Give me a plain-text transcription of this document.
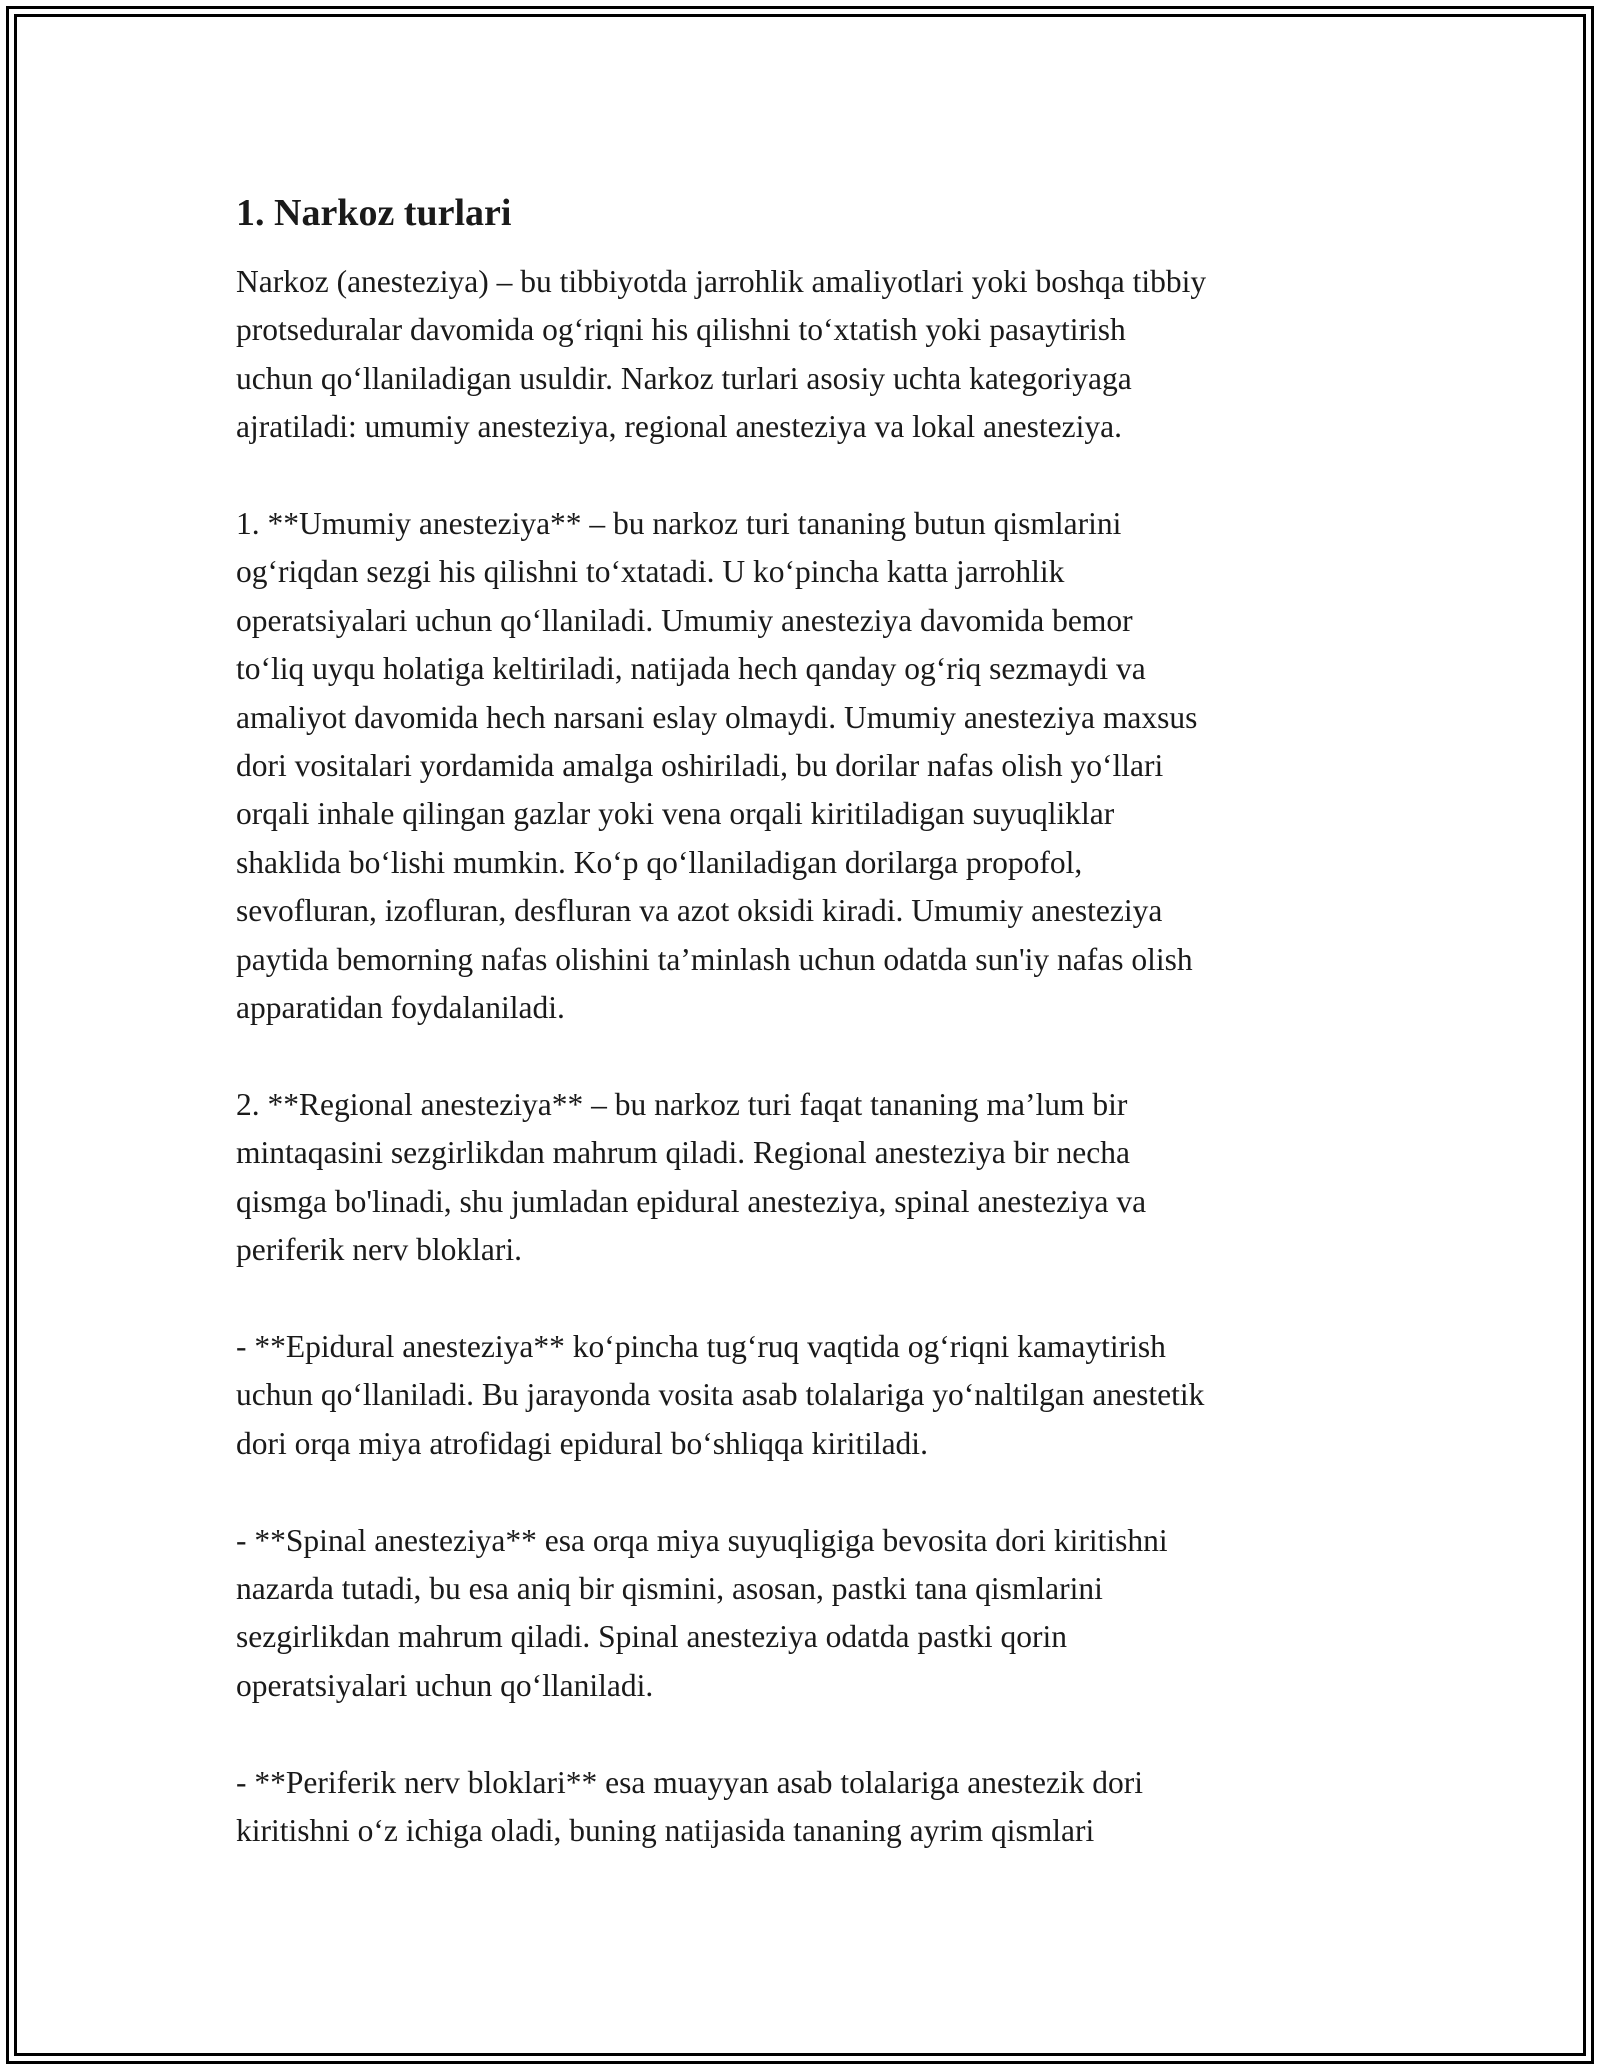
1. Narkoz turlari

Narkoz (anesteziya) – bu tibbiyotda jarrohlik amaliyotlari yoki boshqa tibbiy
protseduralar davomida og‘riqni his qilishni to‘xtatish yoki pasaytirish
uchun qo‘llaniladigan usuldir. Narkoz turlari asosiy uchta kategoriyaga
ajratiladi: umumiy anesteziya, regional anesteziya va lokal anesteziya.

1. **Umumiy anesteziya** – bu narkoz turi tananing butun qismlarini
og‘riqdan sezgi his qilishni to‘xtatadi. U ko‘pincha katta jarrohlik
operatsiyalari uchun qo‘llaniladi. Umumiy anesteziya davomida bemor
to‘liq uyqu holatiga keltiriladi, natijada hech qanday og‘riq sezmaydi va
amaliyot davomida hech narsani eslay olmaydi. Umumiy anesteziya maxsus
dori vositalari yordamida amalga oshiriladi, bu dorilar nafas olish yo‘llari
orqali inhale qilingan gazlar yoki vena orqali kiritiladigan suyuqliklar
shaklida bo‘lishi mumkin. Ko‘p qo‘llaniladigan dorilarga propofol,
sevofluran, izofluran, desfluran va azot oksidi kiradi. Umumiy anesteziya
paytida bemorning nafas olishini ta’minlash uchun odatda sun'iy nafas olish
apparatidan foydalaniladi.

2. **Regional anesteziya** – bu narkoz turi faqat tananing ma’lum bir
mintaqasini sezgirlikdan mahrum qiladi. Regional anesteziya bir necha
qismga bo'linadi, shu jumladan epidural anesteziya, spinal anesteziya va
periferik nerv bloklari.

- **Epidural anesteziya** ko‘pincha tug‘ruq vaqtida og‘riqni kamaytirish
uchun qo‘llaniladi. Bu jarayonda vosita asab tolalariga yo‘naltilgan anestetik
dori orqa miya atrofidagi epidural bo‘shliqqa kiritiladi.

- **Spinal anesteziya** esa orqa miya suyuqligiga bevosita dori kiritishni
nazarda tutadi, bu esa aniq bir qismini, asosan, pastki tana qismlarini
sezgirlikdan mahrum qiladi. Spinal anesteziya odatda pastki qorin
operatsiyalari uchun qo‘llaniladi.

- **Periferik nerv bloklari** esa muayyan asab tolalariga anestezik dori
kiritishni o‘z ichiga oladi, buning natijasida tananing ayrim qismlari
